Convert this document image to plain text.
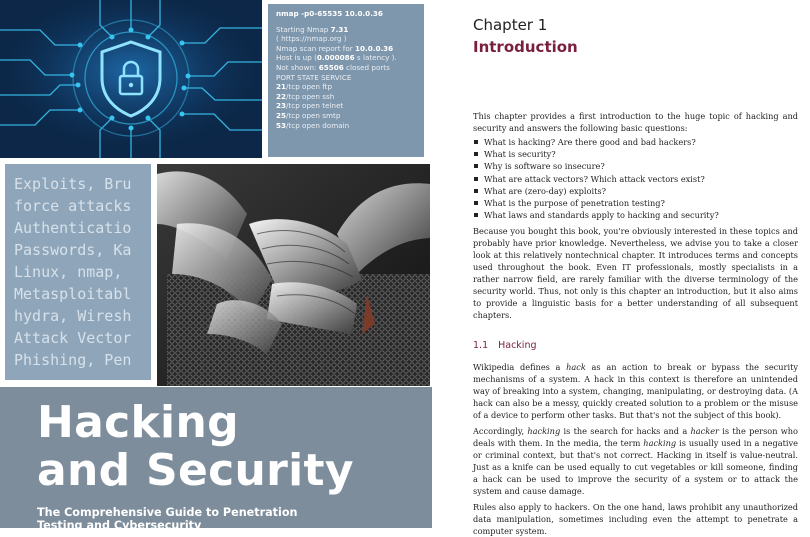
nmap -p0-65535 10.0.0.36
Starting Nmap 7.31
( https://nmap.org )
Nmap scan report for 10.0.0.36
Host is up (0.000086 s latency ).
Not shown: 65506 closed ports
PORT STATE SERVICE
21/tcp open ftp
22/tcp open ssh
23/tcp open telnet
25/tcp open smtp
53/tcp open domain
Exploits, Bru
force attacks
Authenticatio
Passwords, Ka
Linux, nmap,
Metasploitabl
hydra, Wiresh
Attack Vector
Phishing, Pen
Hacking
and Security
The Comprehensive Guide to Penetration
Testing and Cybersecurity
Chapter 1
Introduction

This chapter provides a first introduction to the huge topic of hacking and security and answers the following basic questions:

What is hacking? Are there good and bad hackers?
What is security?
Why is software so insecure?
What are attack vectors? Which attack vectors exist?
What are (zero-day) exploits?
What is the purpose of penetration testing?
What laws and standards apply to hacking and security?

Because you bought this book, you're obviously interested in these topics and probably have prior knowledge. Nevertheless, we advise you to take a closer look at this relatively nontechnical chapter. It introduces terms and concepts used throughout the book. Even IT professionals, mostly specialists in a rather narrow field, are rarely familiar with the diverse terminology of the security world. Thus, not only is this chapter an introduction, but it also aims to provide a linguistic basis for a better understanding of all subsequent chapters.

1.1 Hacking

Wikipedia defines a hack as an action to break or bypass the security mechanisms of a system. A hack in this context is therefore an unintended way of breaking into a system, changing, manipulating, or destroying data. (A hack can also be a messy, quickly created solution to a problem or the misuse of a device to perform other tasks. But that's not the subject of this book).

Accordingly, hacking is the search for hacks and a hacker is the person who deals with them. In the media, the term hacking is usually used in a negative or criminal context, but that's not correct. Hacking in itself is value-neutral. Just as a knife can be used equally to cut vegetables or kill someone, finding a hack can be used to improve the security of a system or to attack the system and cause damage.

Rules also apply to hackers. On the one hand, laws prohibit any unauthorized data manipulation, sometimes including even the attempt to penetrate a computer system.
